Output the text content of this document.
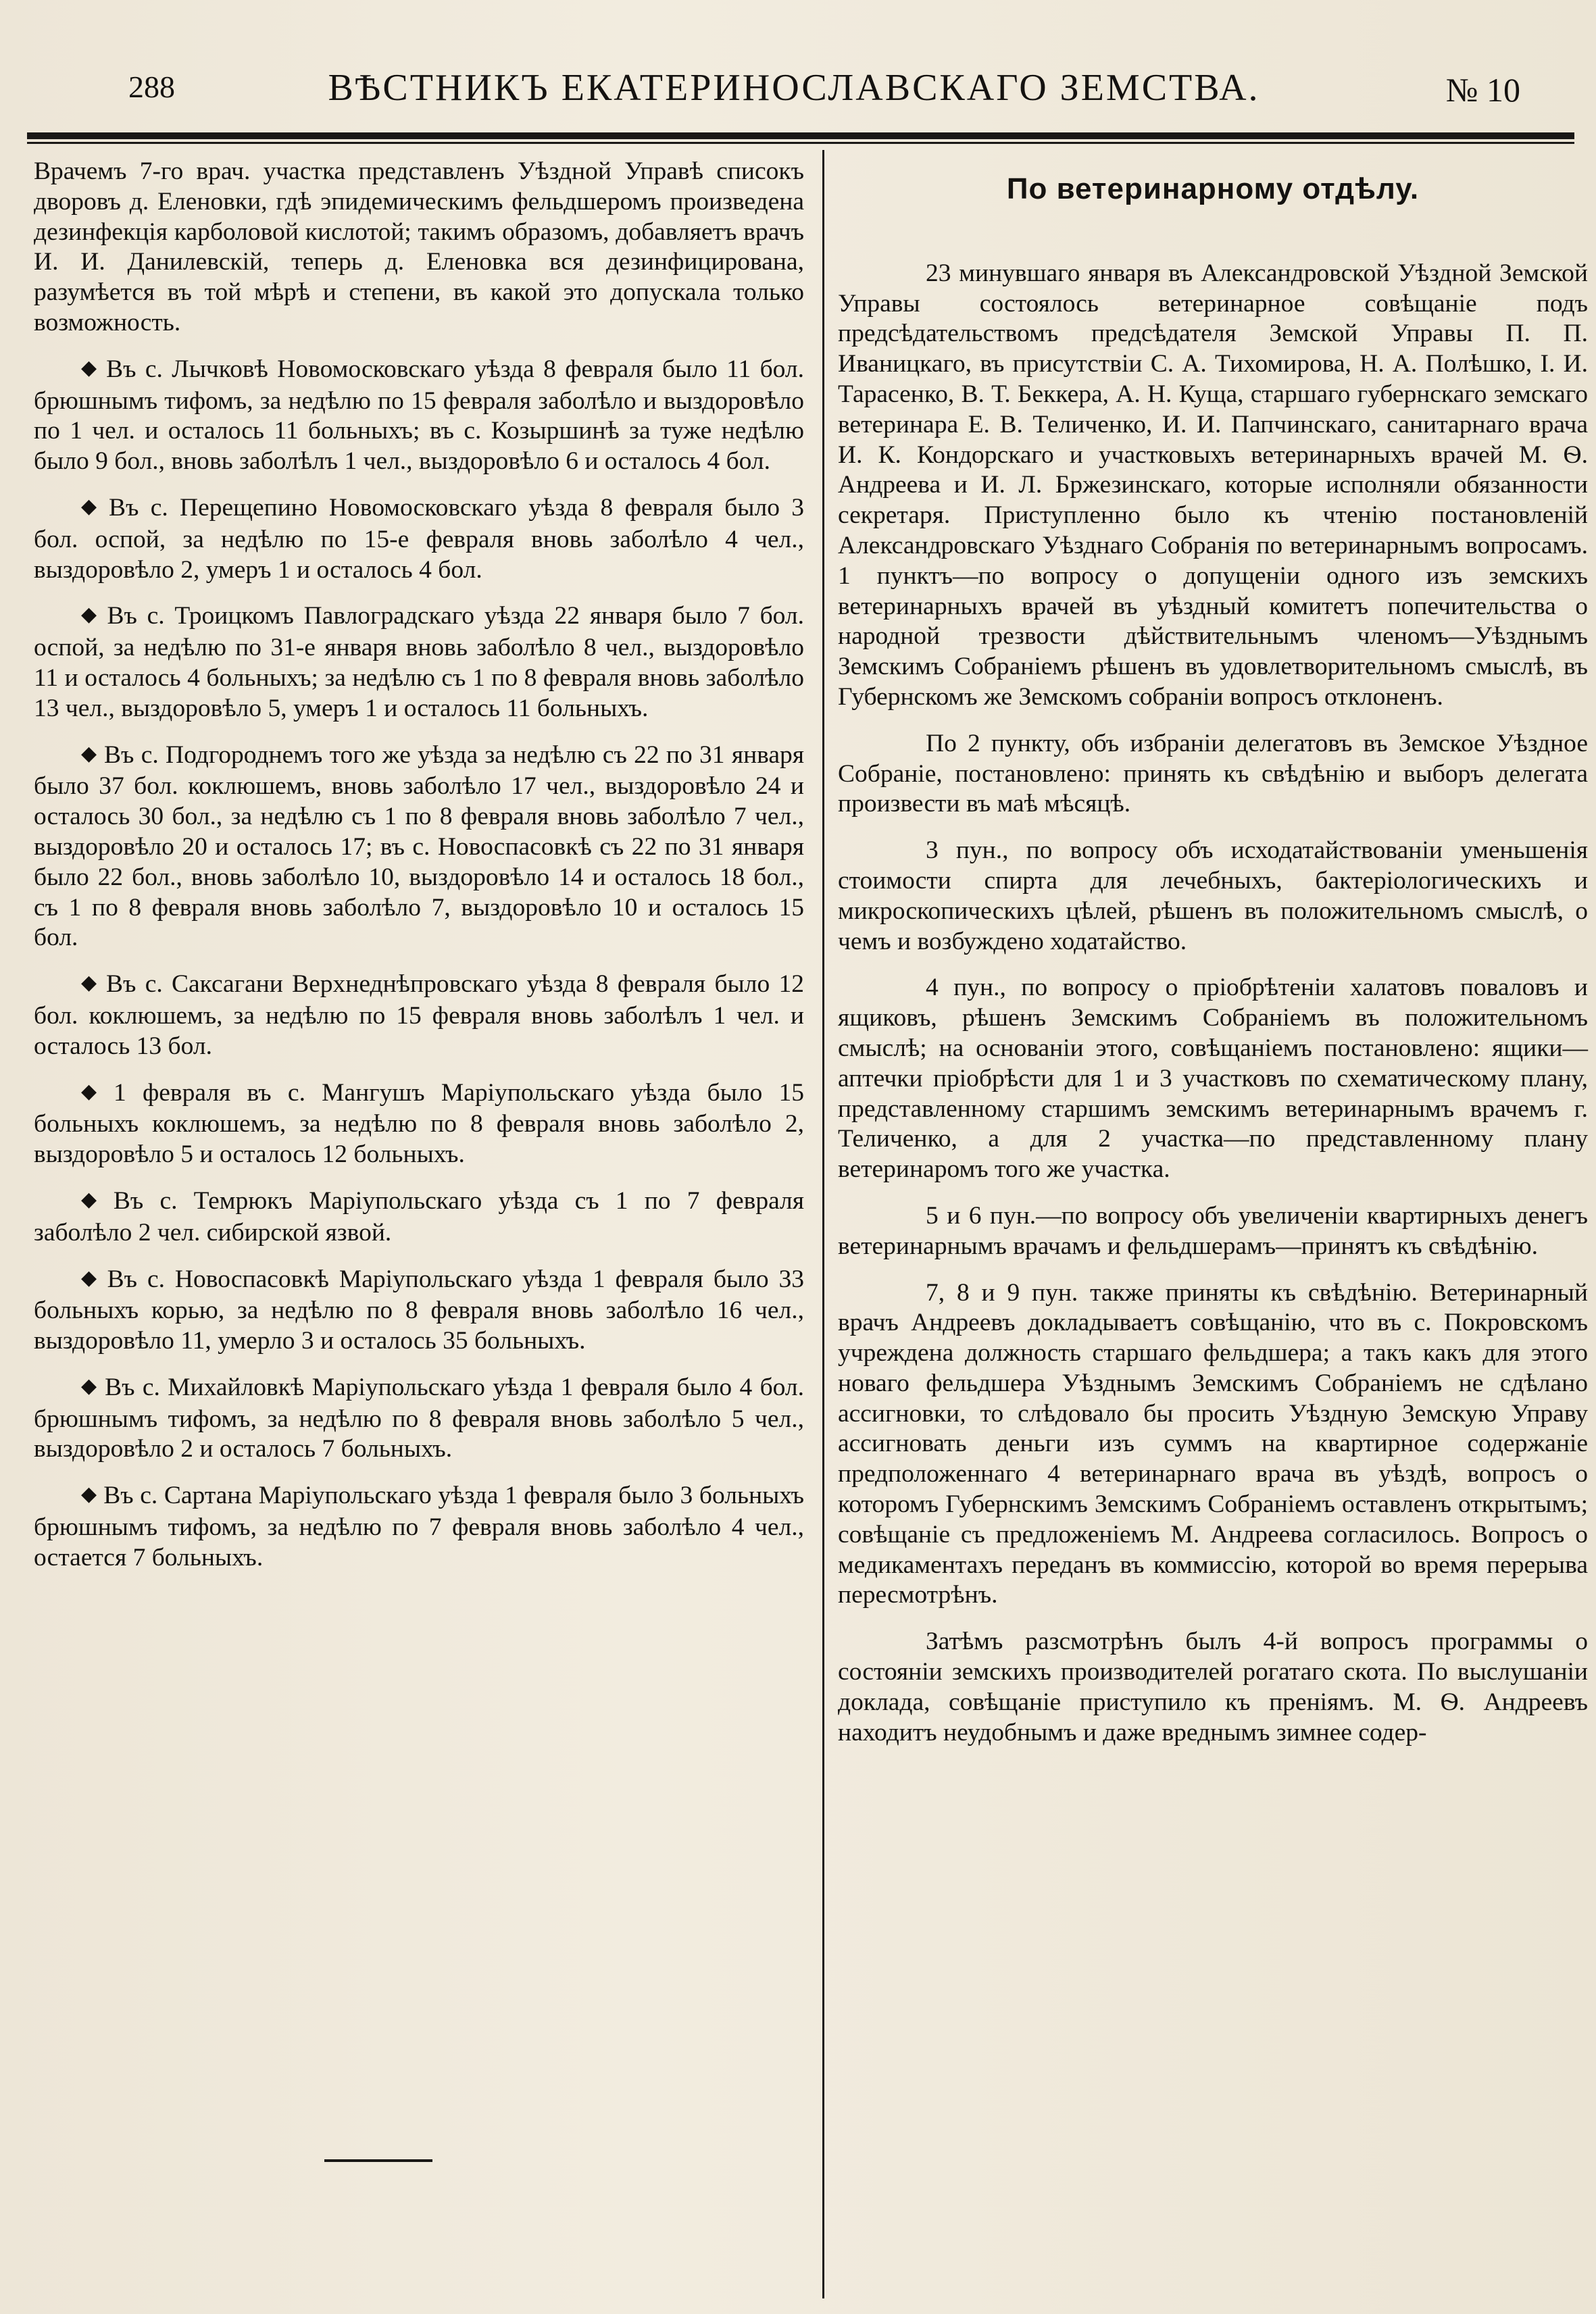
288	ВѢСТНИКЪ ЕКАТЕРИНОСЛАВСКАГО ЗЕМСТВА.	№ 10

Врачемъ 7-го врач. участка представленъ Уѣздной Управѣ списокъ дворовъ д. Еленовки, гдѣ эпидемическимъ фельдшеромъ произведена дезинфекція карболовой кислотой; такимъ образомъ, добавляетъ врачъ И. И. Данилевскій, теперь д. Еленовка вся дезинфицирована, разумѣется въ той мѣрѣ и степени, въ какой это допускала только возможность.

◆ Въ с. Лычковѣ Новомосковскаго уѣзда 8 февраля было 11 бол. брюшнымъ тифомъ, за недѣлю по 15 февраля заболѣло и выздоровѣло по 1 чел. и осталось 11 больныхъ; въ с. Козыршинѣ за туже недѣлю было 9 бол., вновь заболѣлъ 1 чел., выздоровѣло 6 и осталось 4 бол.

◆ Въ с. Перещепино Новомосковскаго уѣзда 8 февраля было 3 бол. оспой, за недѣлю по 15-е февраля вновь заболѣло 4 чел., выздоровѣло 2, умеръ 1 и осталось 4 бол.

◆ Въ с. Троицкомъ Павлоградскаго уѣзда 22 января было 7 бол. оспой, за недѣлю по 31-е января вновь заболѣло 8 чел., выздоровѣло 11 и осталось 4 больныхъ; за недѣлю съ 1 по 8 февраля вновь заболѣло 13 чел., выздоровѣло 5, умеръ 1 и осталось 11 больныхъ.

◆ Въ с. Подгороднемъ того же уѣзда за недѣлю съ 22 по 31 января было 37 бол. коклюшемъ, вновь заболѣло 17 чел., выздоровѣло 24 и осталось 30 бол., за недѣлю съ 1 по 8 февраля вновь заболѣло 7 чел., выздоровѣло 20 и осталось 17; въ с. Новоспасовкѣ съ 22 по 31 января было 22 бол., вновь заболѣло 10, выздоровѣло 14 и осталось 18 бол., съ 1 по 8 февраля вновь заболѣло 7, выздоровѣло 10 и осталось 15 бол.

◆ Въ с. Саксагани Верхнеднѣпровскаго уѣзда 8 февраля было 12 бол. коклюшемъ, за недѣлю по 15 февраля вновь заболѣлъ 1 чел. и осталось 13 бол.

◆ 1 февраля въ с. Мангушъ Маріупольскаго уѣзда было 15 больныхъ коклюшемъ, за недѣлю по 8 февраля вновь заболѣло 2, выздоровѣло 5 и осталось 12 больныхъ.

◆ Въ с. Темрюкъ Маріупольскаго уѣзда съ 1 по 7 февраля заболѣло 2 чел. сибирской язвой.

◆ Въ с. Новоспасовкѣ Маріупольскаго уѣзда 1 февраля было 33 больныхъ корью, за недѣлю по 8 февраля вновь заболѣло 16 чел., выздоровѣло 11, умерло 3 и осталось 35 больныхъ.

◆ Въ с. Михайловкѣ Маріупольскаго уѣзда 1 февраля было 4 бол. брюшнымъ тифомъ, за недѣлю по 8 февраля вновь заболѣло 5 чел., выздоровѣло 2 и осталось 7 больныхъ.

◆ Въ с. Сартана Маріупольскаго уѣзда 1 февраля было 3 больныхъ брюшнымъ тифомъ, за недѣлю по 7 февраля вновь заболѣло 4 чел., остается 7 больныхъ.

По ветеринарному отдѣлу.

23 минувшаго января въ Александровской Уѣздной Земской Управы состоялось ветеринарное совѣщаніе подъ предсѣдательствомъ предсѣдателя Земской Управы П. П. Иваницкаго, въ присутствіи С. А. Тихомирова, Н. А. Полѣшко, І. И. Тарасенко, В. Т. Беккера, А. Н. Куща, старшаго губернскаго земскаго ветеринара Е. В. Теличенко, И. И. Папчинскаго, санитарнаго врача И. К. Кондорскаго и участковыхъ ветеринарныхъ врачей М. Ѳ. Андреева и И. Л. Бржезинскаго, которые исполняли обязанности секретаря. Приступленно было къ чтенію постановленій Александровскаго Уѣзднаго Собранія по ветеринарнымъ вопросамъ. 1 пунктъ—по вопросу о допущеніи одного изъ земскихъ ветеринарныхъ врачей въ уѣздный комитетъ попечительства о народной трезвости дѣйствительнымъ членомъ—Уѣзднымъ Земскимъ Собраніемъ рѣшенъ въ удовлетворительномъ смыслѣ, въ Губернскомъ же Земскомъ собраніи вопросъ отклоненъ.

По 2 пункту, объ избраніи делегатовъ въ Земское Уѣздное Собраніе, постановлено: принять къ свѣдѣнію и выборъ делегата произвести въ маѣ мѣсяцѣ.

3 пун., по вопросу объ исходатайствованіи уменьшенія стоимости спирта для лечебныхъ, бактеріологическихъ и микроскопическихъ цѣлей, рѣшенъ въ положительномъ смыслѣ, о чемъ и возбуждено ходатайство.

4 пун., по вопросу о пріобрѣтеніи халатовъ поваловъ и ящиковъ, рѣшенъ Земскимъ Собраніемъ въ положительномъ смыслѣ; на основаніи этого, совѣщаніемъ постановлено: ящики—аптечки пріобрѣсти для 1 и 3 участковъ по схематическому плану, представленному старшимъ земскимъ ветеринарнымъ врачемъ г. Теличенко, а для 2 участка—по представленному плану ветеринаромъ того же участка.

5 и 6 пун.—по вопросу объ увеличеніи квартирныхъ денегъ ветеринарнымъ врачамъ и фельдшерамъ—принятъ къ свѣдѣнію.

7, 8 и 9 пун. также приняты къ свѣдѣнію. Ветеринарный врачъ Андреевъ докладываетъ совѣщанію, что въ с. Покровскомъ учреждена должность старшаго фельдшера; а такъ какъ для этого новаго фельдшера Уѣзднымъ Земскимъ Собраніемъ не сдѣлано ассигновки, то слѣдовало бы просить Уѣздную Земскую Управу ассигновать деньги изъ суммъ на квартирное содержаніе предположеннаго 4 ветеринарнаго врача въ уѣздѣ, вопросъ о которомъ Губернскимъ Земскимъ Собраніемъ оставленъ открытымъ; совѣщаніе съ предложеніемъ М. Андреева согласилось. Вопросъ о медикаментахъ переданъ въ коммиссію, которой во время перерыва пересмотрѣнъ.

Затѣмъ разсмотрѣнъ былъ 4-й вопросъ программы о состояніи земскихъ производителей рогатаго скота. По выслушаніи доклада, совѣщаніе приступило къ преніямъ. М. Ѳ. Андреевъ находитъ неудобнымъ и даже вреднымъ зимнее содер-
